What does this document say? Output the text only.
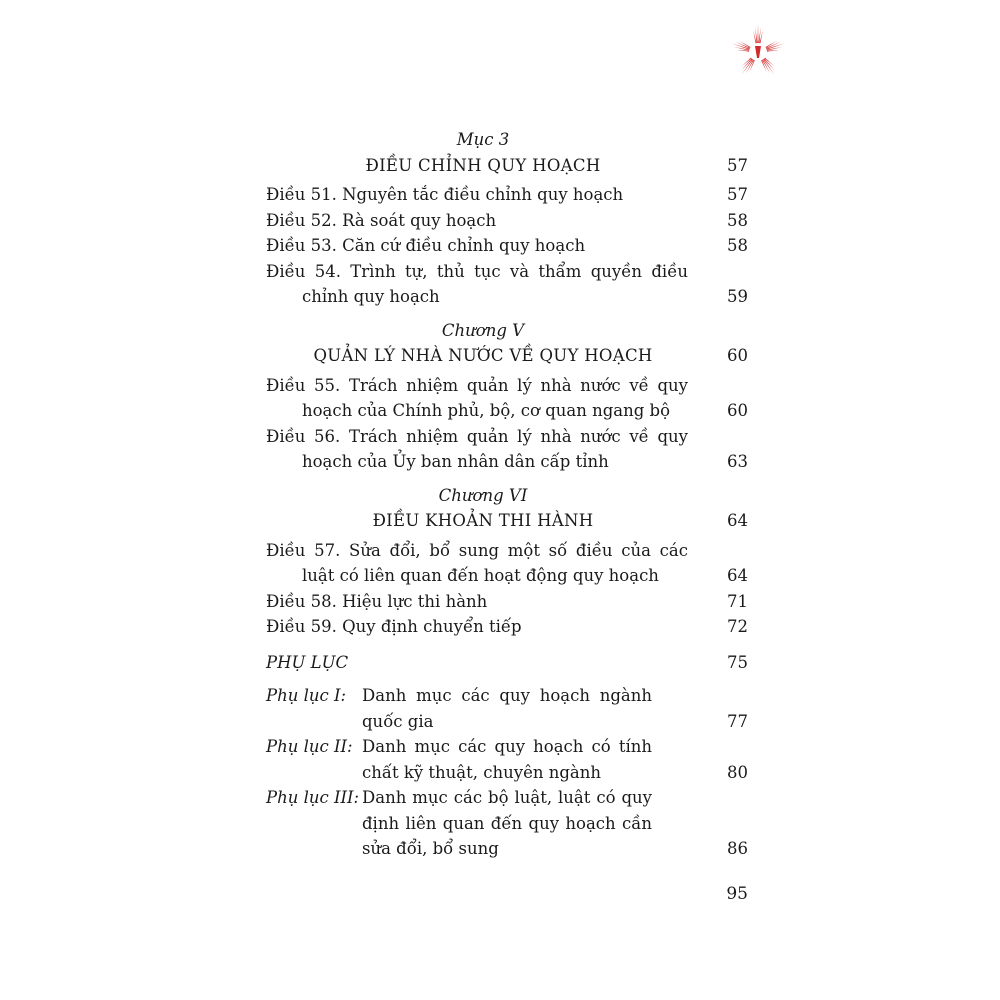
Mục 3
ĐIỀU CHỈNH QUY HOẠCH	57
Điều 51. Nguyên tắc điều chỉnh quy hoạch	57
Điều 52. Rà soát quy hoạch	58
Điều 53. Căn cứ điều chỉnh quy hoạch	58
Điều 54. Trình tự, thủ tục và thẩm quyền điều chỉnh quy hoạch	59
Chương V
QUẢN LÝ NHÀ NƯỚC VỀ QUY HOẠCH	60
Điều 55. Trách nhiệm quản lý nhà nước về quy hoạch của Chính phủ, bộ, cơ quan ngang bộ	60
Điều 56. Trách nhiệm quản lý nhà nước về quy hoạch của Ủy ban nhân dân cấp tỉnh	63
Chương VI
ĐIỀU KHOẢN THI HÀNH	64
Điều 57. Sửa đổi, bổ sung một số điều của các luật có liên quan đến hoạt động quy hoạch	64
Điều 58. Hiệu lực thi hành	71
Điều 59. Quy định chuyển tiếp	72
PHỤ LỤC	75
Phụ lục I: Danh mục các quy hoạch ngành quốc gia	77
Phụ lục II: Danh mục các quy hoạch có tính chất kỹ thuật, chuyên ngành	80
Phụ lục III: Danh mục các bộ luật, luật có quy định liên quan đến quy hoạch cần sửa đổi, bổ sung	86
95
